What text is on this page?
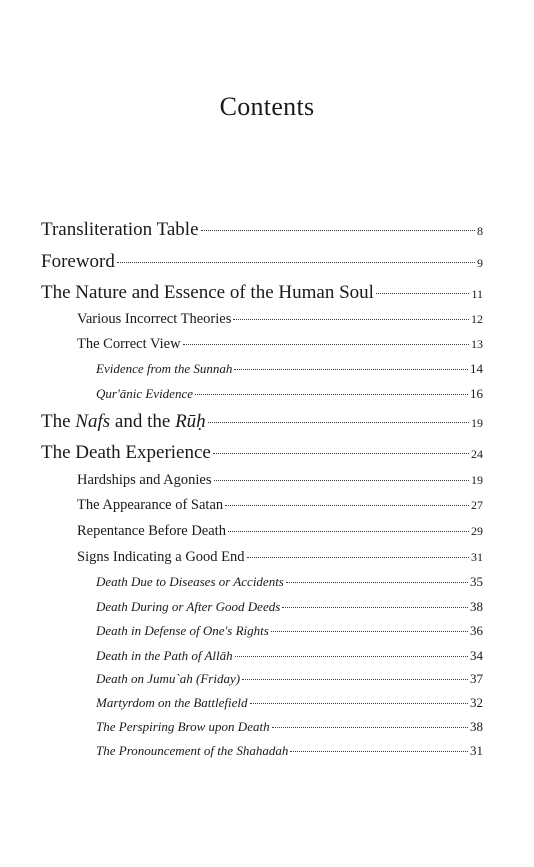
Contents
Transliteration Table	8
Foreword	9
The Nature and Essence of the Human Soul	11
Various Incorrect Theories	12
The Correct View	13
Evidence from the Sunnah	14
Qur'ānic Evidence	16
The Nafs and the Rūḥ	19
The Death Experience	24
Hardships and Agonies	19
The Appearance of Satan	27
Repentance Before Death	29
Signs Indicating a Good End	31
Death Due to Diseases or Accidents	35
Death During or After Good Deeds	38
Death in Defense of One's Rights	36
Death in the Path of Allāh	34
Death on Jumu`ah (Friday)	37
Martyrdom on the Battlefield	32
The Perspiring Brow upon Death	38
The Pronouncement of the Shahadah	31
